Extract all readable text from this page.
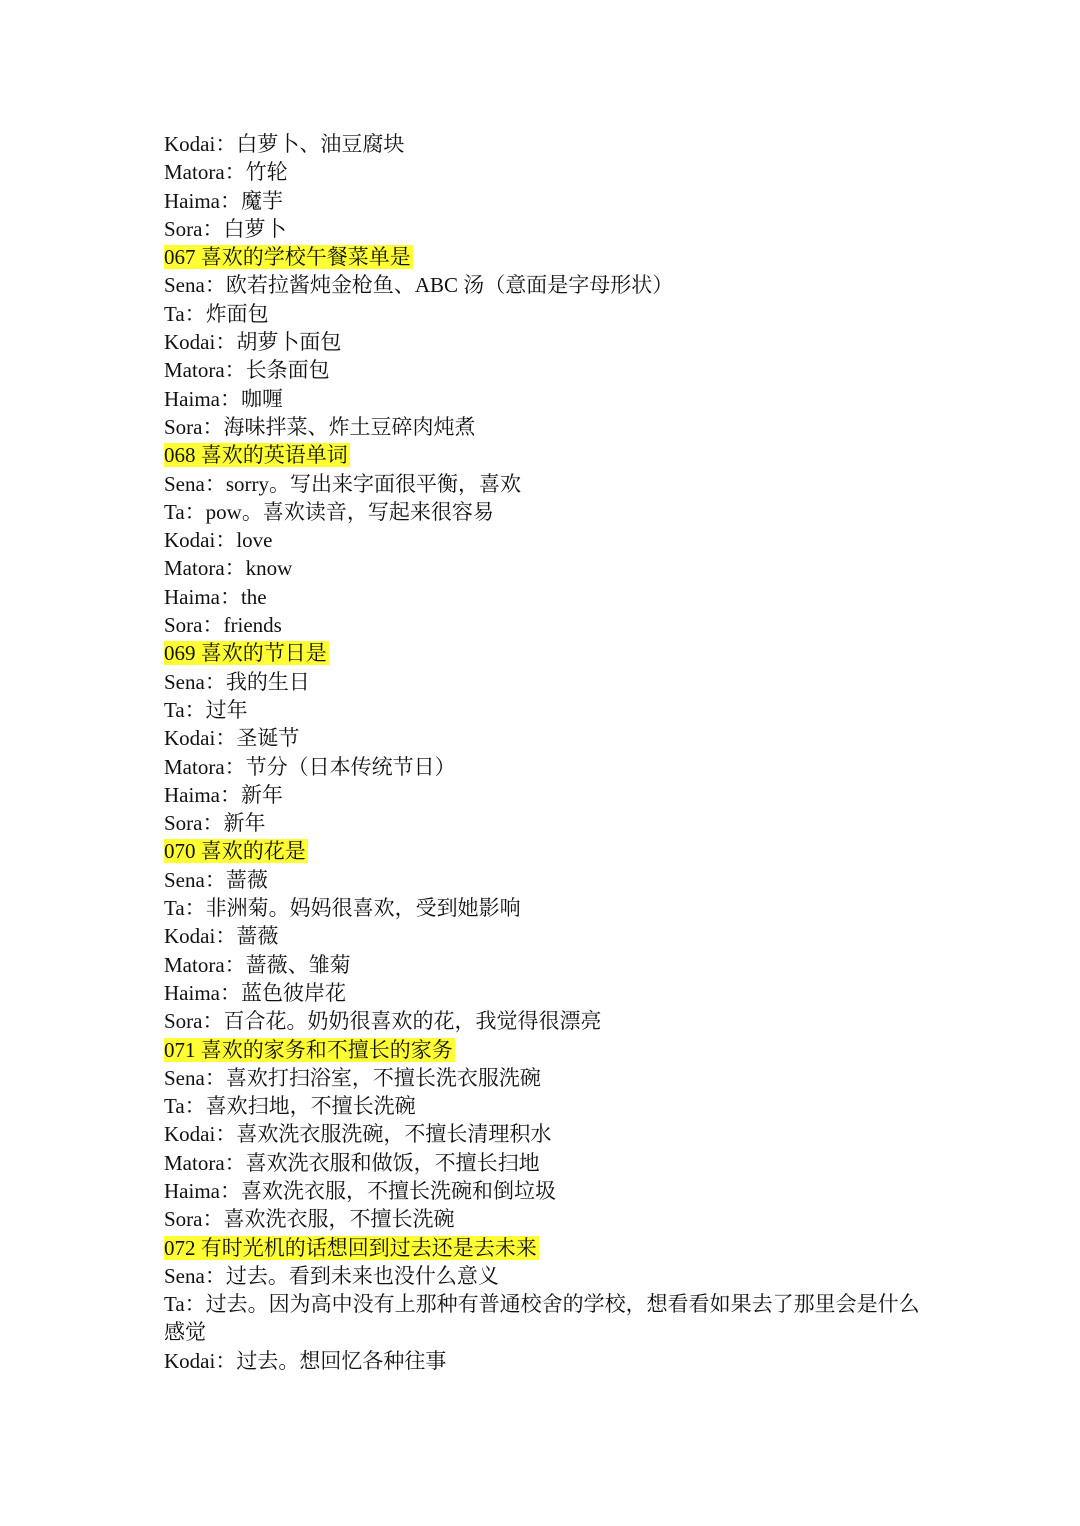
Kodai：白萝卜、油豆腐块
Matora：竹轮
Haima：魔芋
Sora：白萝卜
067 喜欢的学校午餐菜单是
Sena：欧若拉酱炖金枪鱼、ABC 汤（意面是字母形状）
Ta：炸面包
Kodai：胡萝卜面包
Matora：长条面包
Haima：咖喱
Sora：海味拌菜、炸土豆碎肉炖煮
068 喜欢的英语单词
Sena：sorry。写出来字面很平衡，喜欢
Ta：pow。喜欢读音，写起来很容易
Kodai：love
Matora：know
Haima：the
Sora：friends
069 喜欢的节日是
Sena：我的生日
Ta：过年
Kodai：圣诞节
Matora：节分（日本传统节日）
Haima：新年
Sora：新年
070 喜欢的花是
Sena：蔷薇
Ta：非洲菊。妈妈很喜欢，受到她影响
Kodai：蔷薇
Matora：蔷薇、雏菊
Haima：蓝色彼岸花
Sora：百合花。奶奶很喜欢的花，我觉得很漂亮
071 喜欢的家务和不擅长的家务
Sena：喜欢打扫浴室，不擅长洗衣服洗碗
Ta：喜欢扫地，不擅长洗碗
Kodai：喜欢洗衣服洗碗，不擅长清理积水
Matora：喜欢洗衣服和做饭，不擅长扫地
Haima：喜欢洗衣服，不擅长洗碗和倒垃圾
Sora：喜欢洗衣服，不擅长洗碗
072 有时光机的话想回到过去还是去未来
Sena：过去。看到未来也没什么意义
Ta：过去。因为高中没有上那种有普通校舍的学校，想看看如果去了那里会是什么感觉
Kodai：过去。想回忆各种往事
